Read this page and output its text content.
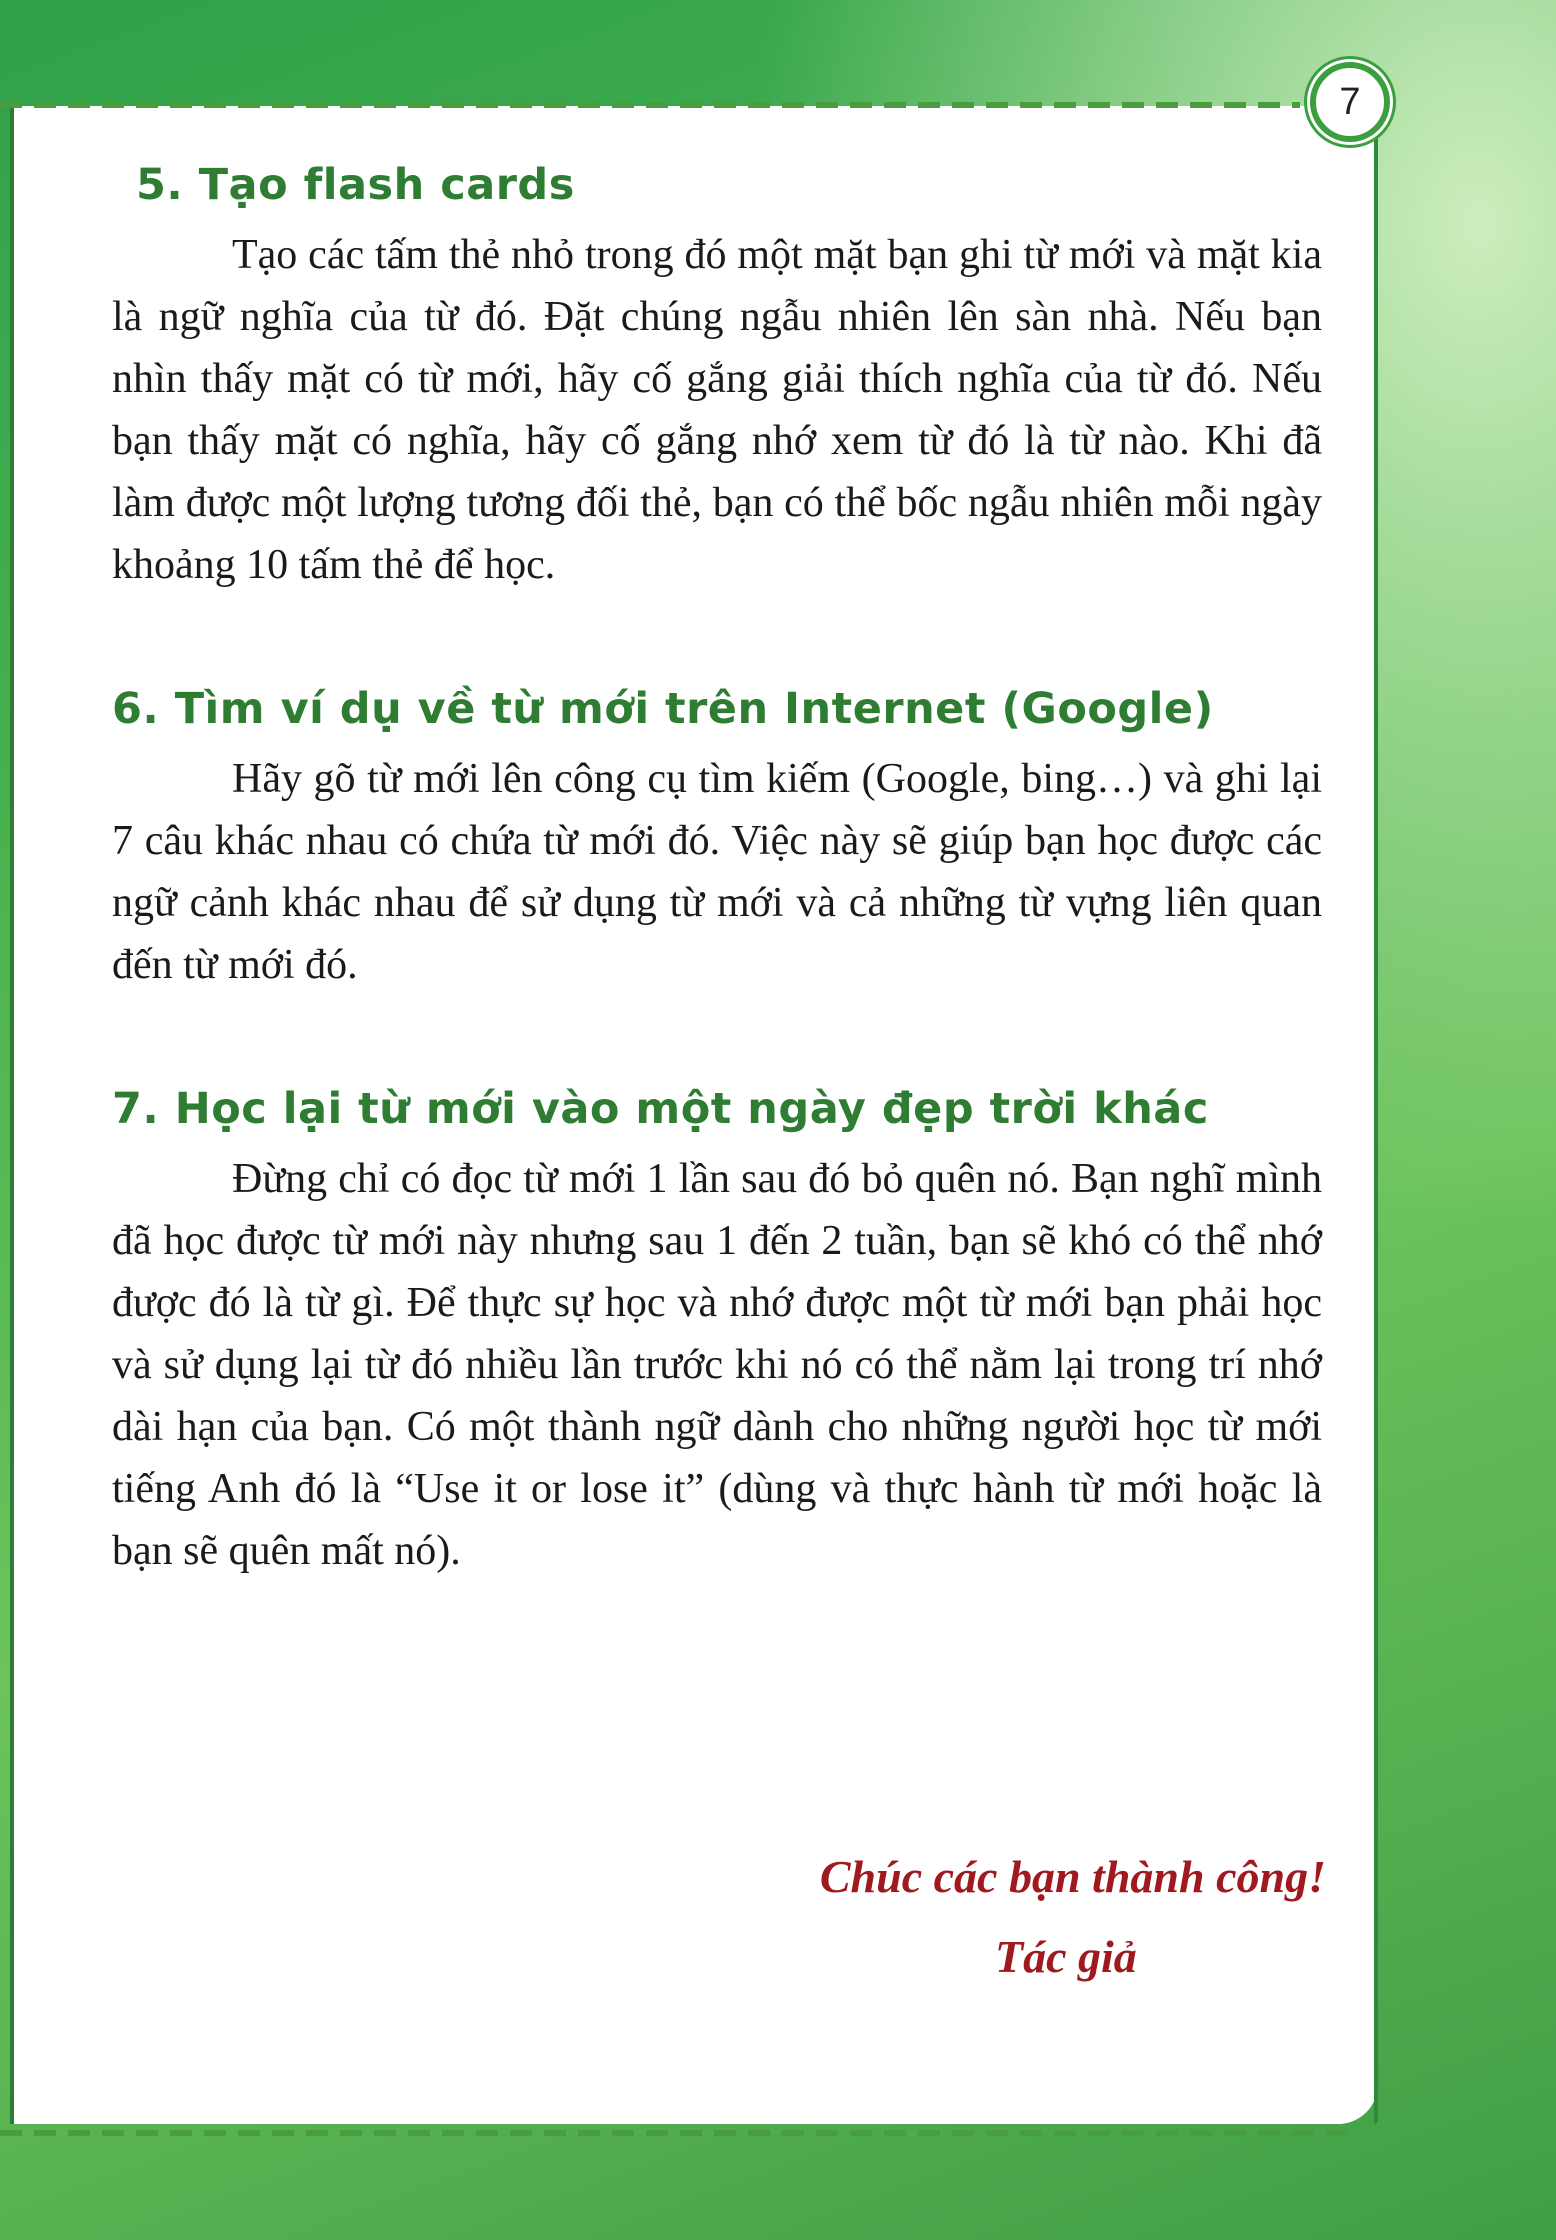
7
5. Tạo flash cards

Tạo các tấm thẻ nhỏ trong đó một mặt bạn ghi từ mới và mặt kia là ngữ nghĩa của từ đó. Đặt chúng ngẫu nhiên lên sàn nhà. Nếu bạn nhìn thấy mặt có từ mới, hãy cố gắng giải thích nghĩa của từ đó. Nếu bạn thấy mặt có nghĩa, hãy cố gắng nhớ xem từ đó là từ nào. Khi đã làm được một lượng tương đối thẻ, bạn có thể bốc ngẫu nhiên mỗi ngày khoảng 10 tấm thẻ để học.

6. Tìm ví dụ về từ mới trên Internet (Google)

Hãy gõ từ mới lên công cụ tìm kiếm (Google, bing…) và ghi lại 7 câu khác nhau có chứa từ mới đó. Việc này sẽ giúp bạn học được các ngữ cảnh khác nhau để sử dụng từ mới và cả những từ vựng liên quan đến từ mới đó.

7. Học lại từ mới vào một ngày đẹp trời khác

Đừng chỉ có đọc từ mới 1 lần sau đó bỏ quên nó. Bạn nghĩ mình đã học được từ mới này nhưng sau 1 đến 2 tuần, bạn sẽ khó có thể nhớ được đó là từ gì. Để thực sự học và nhớ được một từ mới bạn phải học và sử dụng lại từ đó nhiều lần trước khi nó có thể nằm lại trong trí nhớ dài hạn của bạn. Có một thành ngữ dành cho những người học từ mới tiếng Anh đó là “Use it or lose it” (dùng và thực hành từ mới hoặc là bạn sẽ quên mất nó).

Chúc các bạn thành công!
Tác giả
